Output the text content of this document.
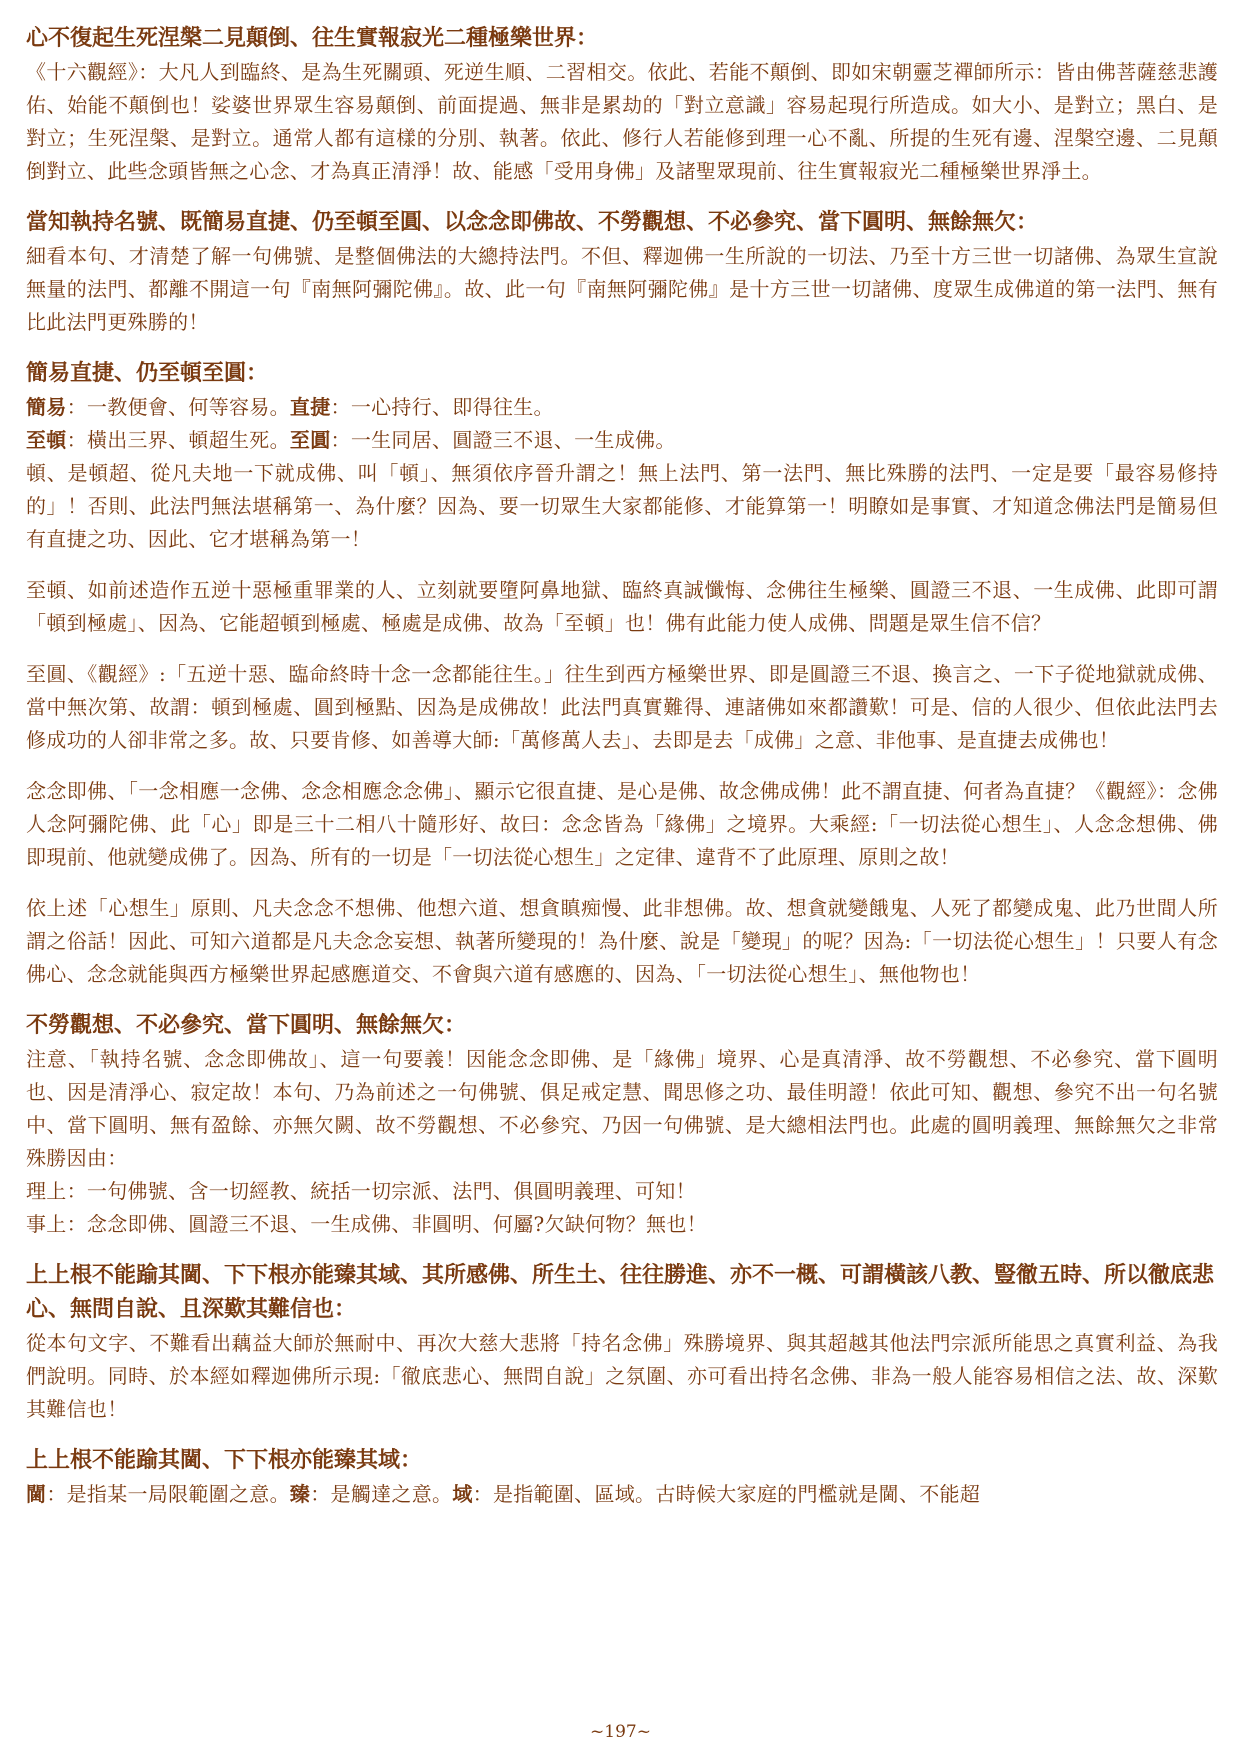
心不復起生死涅槃二見顛倒、往生實報寂光二種極樂世界：

《十六觀經》：大凡人到臨終、是為生死關頭、死逆生順、二習相交。依此、若能不顛倒、即如宋朝靈芝禪師所示：皆由佛菩薩慈悲護佑、始能不顛倒也！娑婆世界眾生容易顛倒、前面提過、無非是累劫的「對立意識」容易起現行所造成。如大小、是對立；黑白、是對立；生死涅槃、是對立。通常人都有這樣的分別、執著。依此、修行人若能修到理一心不亂、所提的生死有邊、涅槃空邊、二見顛倒對立、此些念頭皆無之心念、才為真正清淨！故、能感「受用身佛」及諸聖眾現前、往生實報寂光二種極樂世界淨土。

當知執持名號、既簡易直捷、仍至頓至圓、以念念即佛故、不勞觀想、不必參究、當下圓明、無餘無欠：

細看本句、才清楚了解一句佛號、是整個佛法的大總持法門。不但、釋迦佛一生所說的一切法、乃至十方三世一切諸佛、為眾生宣說無量的法門、都離不開這一句『南無阿彌陀佛』。故、此一句『南無阿彌陀佛』是十方三世一切諸佛、度眾生成佛道的第一法門、無有比此法門更殊勝的！

簡易直捷、仍至頓至圓：

簡易：一教便會、何等容易。直捷：一心持行、即得往生。

至頓：橫出三界、頓超生死。至圓：一生同居、圓證三不退、一生成佛。

頓、是頓超、從凡夫地一下就成佛、叫「頓」、無須依序晉升謂之！無上法門、第一法門、無比殊勝的法門、一定是要「最容易修持的」！否則、此法門無法堪稱第一、為什麼？因為、要一切眾生大家都能修、才能算第一！明瞭如是事實、才知道念佛法門是簡易但有直捷之功、因此、它才堪稱為第一！

至頓、如前述造作五逆十惡極重罪業的人、立刻就要墮阿鼻地獄、臨終真誠懺悔、念佛往生極樂、圓證三不退、一生成佛、此即可謂「頓到極處」、因為、它能超頓到極處、極處是成佛、故為「至頓」也！佛有此能力使人成佛、問題是眾生信不信？

至圓、《觀經》:「五逆十惡、臨命終時十念一念都能往生。」往生到西方極樂世界、即是圓證三不退、換言之、一下子從地獄就成佛、當中無次第、故謂：頓到極處、圓到極點、因為是成佛故！此法門真實難得、連諸佛如來都讚歎！可是、信的人很少、但依此法門去修成功的人卻非常之多。故、只要肯修、如善導大師:「萬修萬人去」、去即是去「成佛」之意、非他事、是直捷去成佛也！

念念即佛、「一念相應一念佛、念念相應念念佛」、顯示它很直捷、是心是佛、故念佛成佛！此不謂直捷、何者為直捷？《觀經》：念佛人念阿彌陀佛、此「心」即是三十二相八十隨形好、故曰：念念皆為「緣佛」之境界。大乘經:「一切法從心想生」、人念念想佛、佛即現前、他就變成佛了。因為、所有的一切是「一切法從心想生」之定律、違背不了此原理、原則之故！

依上述「心想生」原則、凡夫念念不想佛、他想六道、想貪瞋痴慢、此非想佛。故、想貪就變餓鬼、人死了都變成鬼、此乃世間人所謂之俗話！因此、可知六道都是凡夫念念妄想、執著所變現的！為什麼、說是「變現」的呢？因為:「一切法從心想生」！只要人有念佛心、念念就能與西方極樂世界起感應道交、不會與六道有感應的、因為、「一切法從心想生」、無他物也！

不勞觀想、不必參究、當下圓明、無餘無欠：

注意、「執持名號、念念即佛故」、這一句要義！因能念念即佛、是「緣佛」境界、心是真清淨、故不勞觀想、不必參究、當下圓明也、因是清淨心、寂定故！本句、乃為前述之一句佛號、俱足戒定慧、聞思修之功、最佳明證！依此可知、觀想、參究不出一句名號中、當下圓明、無有盈餘、亦無欠闕、故不勞觀想、不必參究、乃因一句佛號、是大總相法門也。此處的圓明義理、無餘無欠之非常殊勝因由：

理上：一句佛號、含一切經教、統括一切宗派、法門、俱圓明義理、可知！

事上：念念即佛、圓證三不退、一生成佛、非圓明、何屬?欠缺何物？無也！

上上根不能踰其閫、下下根亦能臻其域、其所感佛、所生土、往往勝進、亦不一概、可謂橫該八教、豎徹五時、所以徹底悲心、無問自說、且深歎其難信也：

從本句文字、不難看出藕益大師於無耐中、再次大慈大悲將「持名念佛」殊勝境界、與其超越其他法門宗派所能思之真實利益、為我們說明。同時、於本經如釋迦佛所示現:「徹底悲心、無問自說」之氛圍、亦可看出持名念佛、非為一般人能容易相信之法、故、深歎其難信也！

上上根不能踰其閫、下下根亦能臻其域：

閫：是指某一局限範圍之意。臻：是觸達之意。域：是指範圍、區域。古時候大家庭的門檻就是閫、不能超

~197~
